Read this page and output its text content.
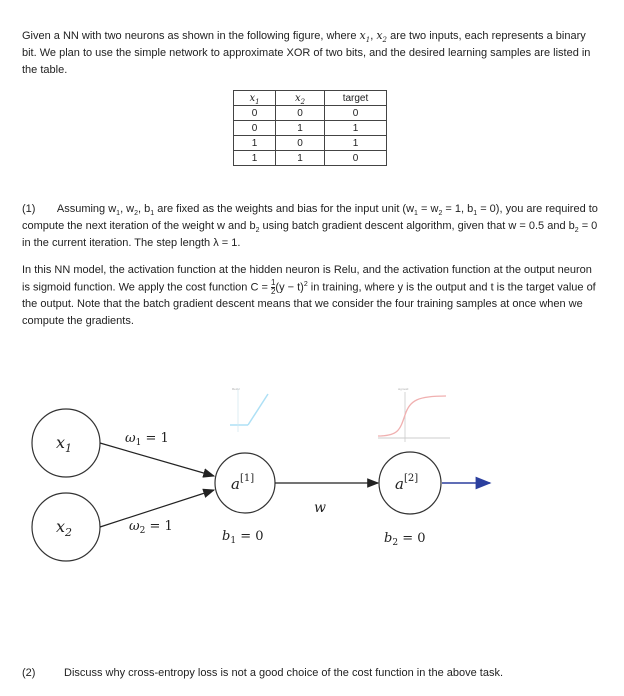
Given a NN with two neurons as shown in the following figure, where $x_1$, $x_2$ are two inputs, each represents a binary bit. We plan to use the simple network to approximate XOR of two bits, and the desired learning samples are listed in the table.

$x_1$	$x_2$	target
0	0	0
0	1	1
1	0	1
1	1	0

(1) Assuming $w_1$, $w_2$, $b_1$ are fixed as the weights and bias for the input unit ($w_1 = w_2 = 1$, $b_1 = 0$), you are required to compute the next iteration of the weight w and $b_2$ using batch gradient descent algorithm, given that w = 0.5 and $b_2 = 0$ in the current iteration. The step length λ = 1.

In this NN model, the activation function at the hidden neuron is Relu, and the activation function at the output neuron is sigmoid function. We apply the cost function $C = \frac{1}{2} (y - t)^2$ in training, where y is the output and t is the target value of the output. Note that the batch gradient descent means that we consider the four training samples at once when we compute the gradients.

ReLU	sigmoid
$x_1$
$x_2$
$\omega_1 = 1$
$\omega_2 = 1$
a[1]
$b_1 = 0$
w
a[2]
$b_2 = 0$
(2)	Discuss why cross-entropy loss is not a good choice of the cost function in the above task.
